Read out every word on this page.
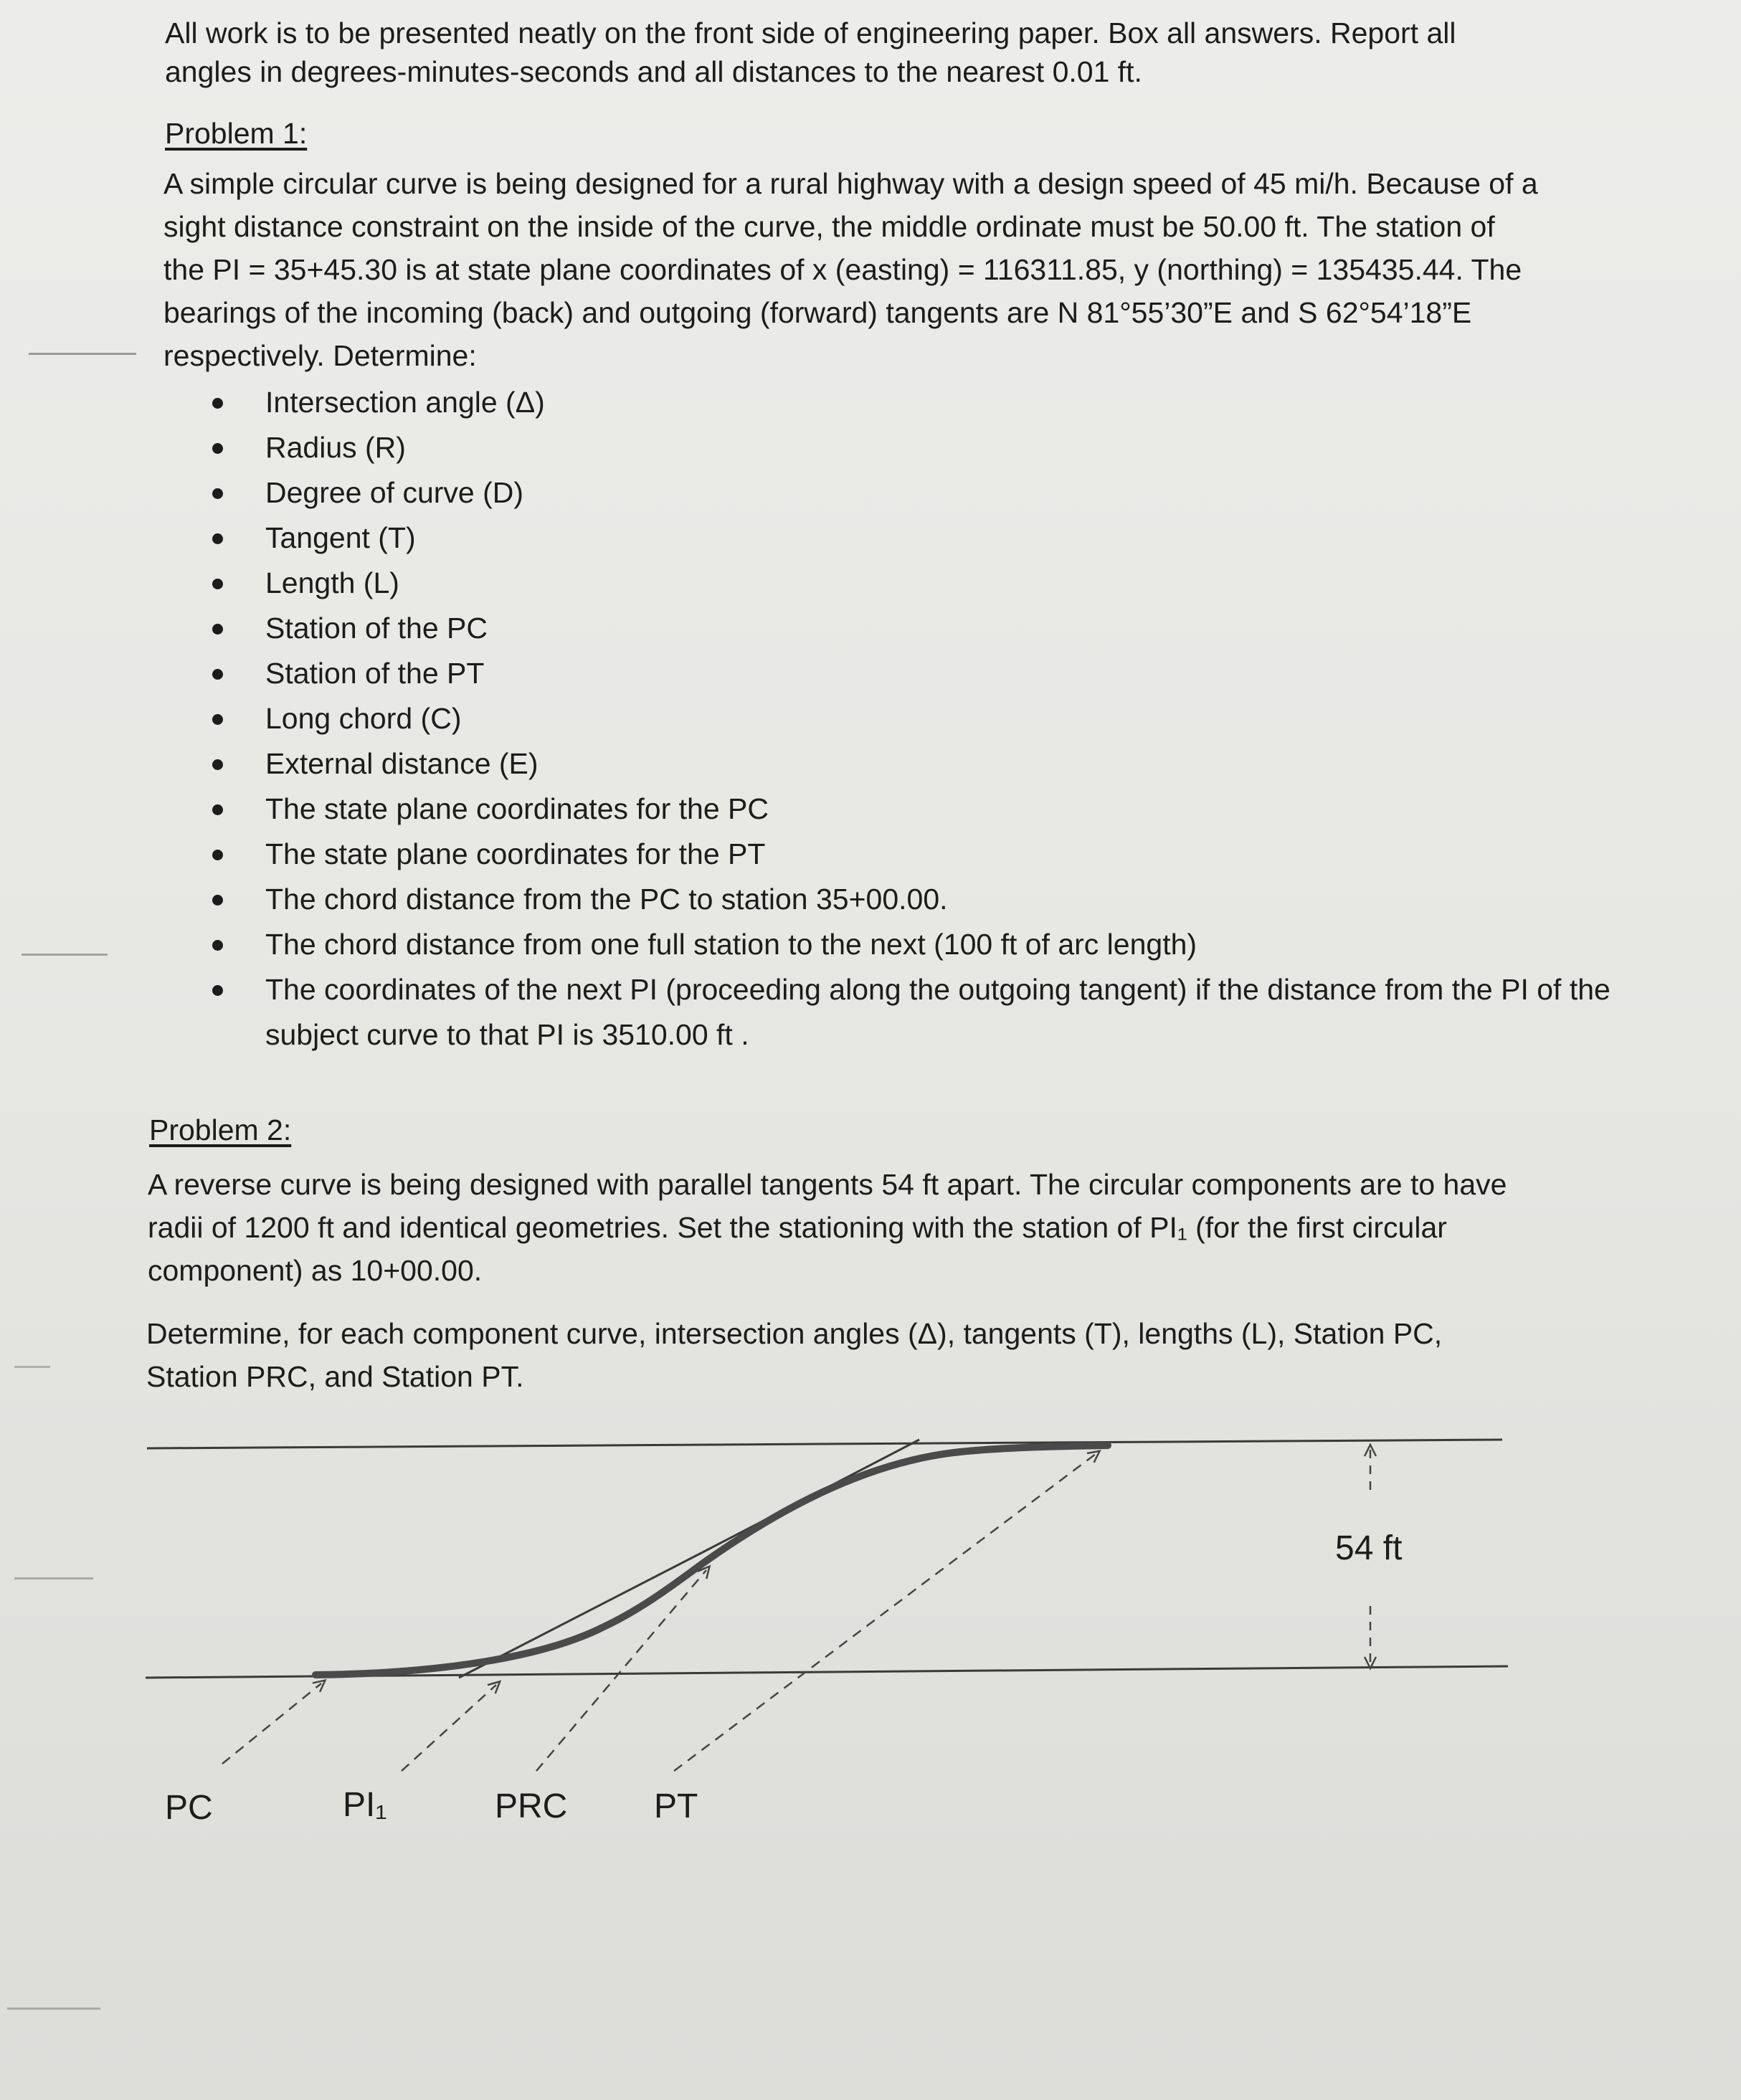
All work is to be presented neatly on the front side of engineering paper. Box all answers. Report all
angles in degrees-minutes-seconds and all distances to the nearest 0.01 ft.
Problem 1:
A simple circular curve is being designed for a rural highway with a design speed of 45 mi/h. Because of a
sight distance constraint on the inside of the curve, the middle ordinate must be 50.00 ft. The station of
the PI = 35+45.30 is at state plane coordinates of x (easting) = 116311.85, y (northing) = 135435.44. The
bearings of the incoming (back) and outgoing (forward) tangents are N 81°55’30”E and S 62°54’18”E
respectively. Determine:
Intersection angle (Δ)
Radius (R)
Degree of curve (D)
Tangent (T)
Length (L)
Station of the PC
Station of the PT
Long chord (C)
External distance (E)
The state plane coordinates for the PC
The state plane coordinates for the PT
The chord distance from the PC to station 35+00.00.
The chord distance from one full station to the next (100 ft of arc length)
The coordinates of the next PI (proceeding along the outgoing tangent) if the distance from the PI of the subject curve to that PI is 3510.00 ft .
Problem 2:
A reverse curve is being designed with parallel tangents 54 ft apart. The circular components are to have
radii of 1200 ft and identical geometries. Set the stationing with the station of PI₁ (for the first circular
component) as 10+00.00.
Determine, for each component curve, intersection angles (Δ), tangents (T), lengths (L), Station PC,
Station PRC, and Station PT.
54 ft
PC	PI₁	PRC	PT
